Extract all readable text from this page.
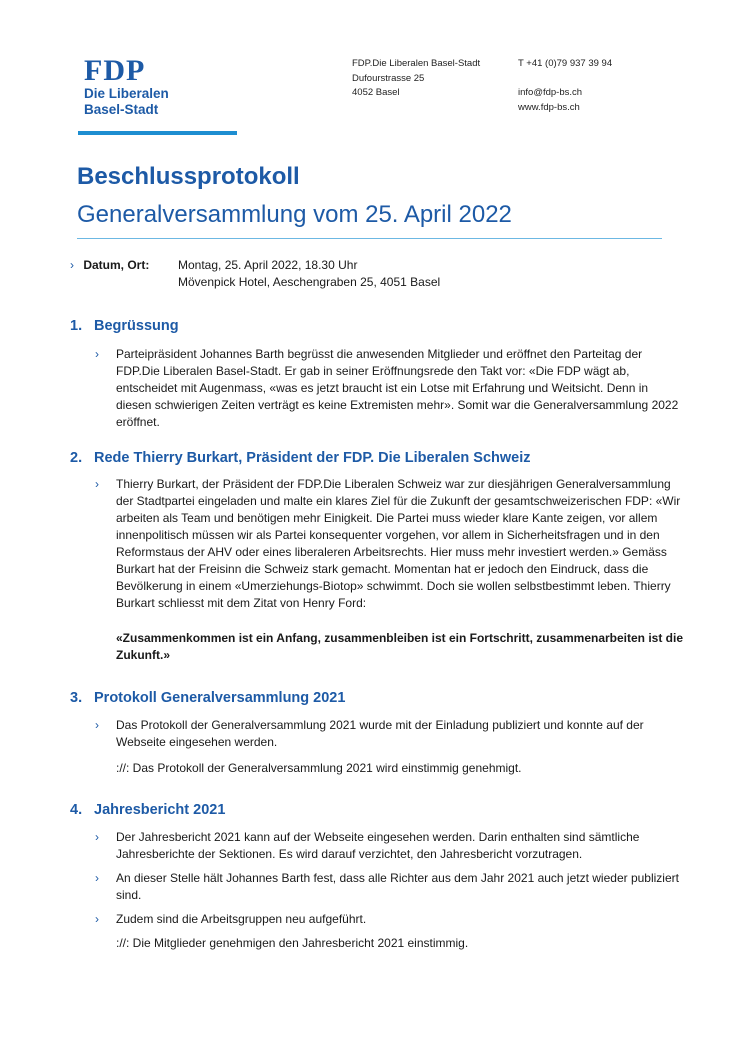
FDP
Die Liberalen
Basel-Stadt
FDP.Die Liberalen Basel-Stadt
Dufourstrasse 25
4052 Basel
T +41 (0)79 937 39 94
info@fdp-bs.ch
www.fdp-bs.ch
Beschlussprotokoll
Generalversammlung vom 25. April 2022
› Datum, Ort: Montag, 25. April 2022, 18.30 Uhr
Mövenpick Hotel, Aeschengraben 25, 4051 Basel
1. Begrüssung
› Parteipräsident Johannes Barth begrüsst die anwesenden Mitglieder und eröffnet den Parteitag der FDP.Die Liberalen Basel-Stadt. Er gab in seiner Eröffnungsrede den Takt vor: «Die FDP wägt ab, entscheidet mit Augenmass, «was es jetzt braucht ist ein Lotse mit Erfahrung und Weitsicht. Denn in diesen schwierigen Zeiten verträgt es keine Extremisten mehr». Somit war die Generalversammlung 2022 eröffnet.
2. Rede Thierry Burkart, Präsident der FDP. Die Liberalen Schweiz
› Thierry Burkart, der Präsident der FDP.Die Liberalen Schweiz war zur diesjährigen Generalversammlung der Stadtpartei eingeladen und malte ein klares Ziel für die Zukunft der gesamtschweizerischen FDP: «Wir arbeiten als Team und benötigen mehr Einigkeit. Die Partei muss wieder klare Kante zeigen, vor allem innenpolitisch müssen wir als Partei konsequenter vorgehen, vor allem in Sicherheitsfragen und in den Reformstaus der AHV oder eines liberaleren Arbeitsrechts. Hier muss mehr investiert werden.» Gemäss Burkart hat der Freisinn die Schweiz stark gemacht. Momentan hat er jedoch den Eindruck, dass die Bevölkerung in einem «Umerziehungs-Biotop» schwimmt. Doch sie wollen selbstbestimmt leben. Thierry Burkart schliesst mit dem Zitat von Henry Ford:
«Zusammenkommen ist ein Anfang, zusammenbleiben ist ein Fortschritt, zusammenarbeiten ist die Zukunft.»
3. Protokoll Generalversammlung 2021
› Das Protokoll der Generalversammlung 2021 wurde mit der Einladung publiziert und konnte auf der Webseite eingesehen werden.
://: Das Protokoll der Generalversammlung 2021 wird einstimmig genehmigt.
4. Jahresbericht 2021
› Der Jahresbericht 2021 kann auf der Webseite eingesehen werden. Darin enthalten sind sämtliche Jahresberichte der Sektionen. Es wird darauf verzichtet, den Jahresbericht vorzutragen.
› An dieser Stelle hält Johannes Barth fest, dass alle Richter aus dem Jahr 2021 auch jetzt wieder publiziert sind.
› Zudem sind die Arbeitsgruppen neu aufgeführt.
://: Die Mitglieder genehmigen den Jahresbericht 2021 einstimmig.
